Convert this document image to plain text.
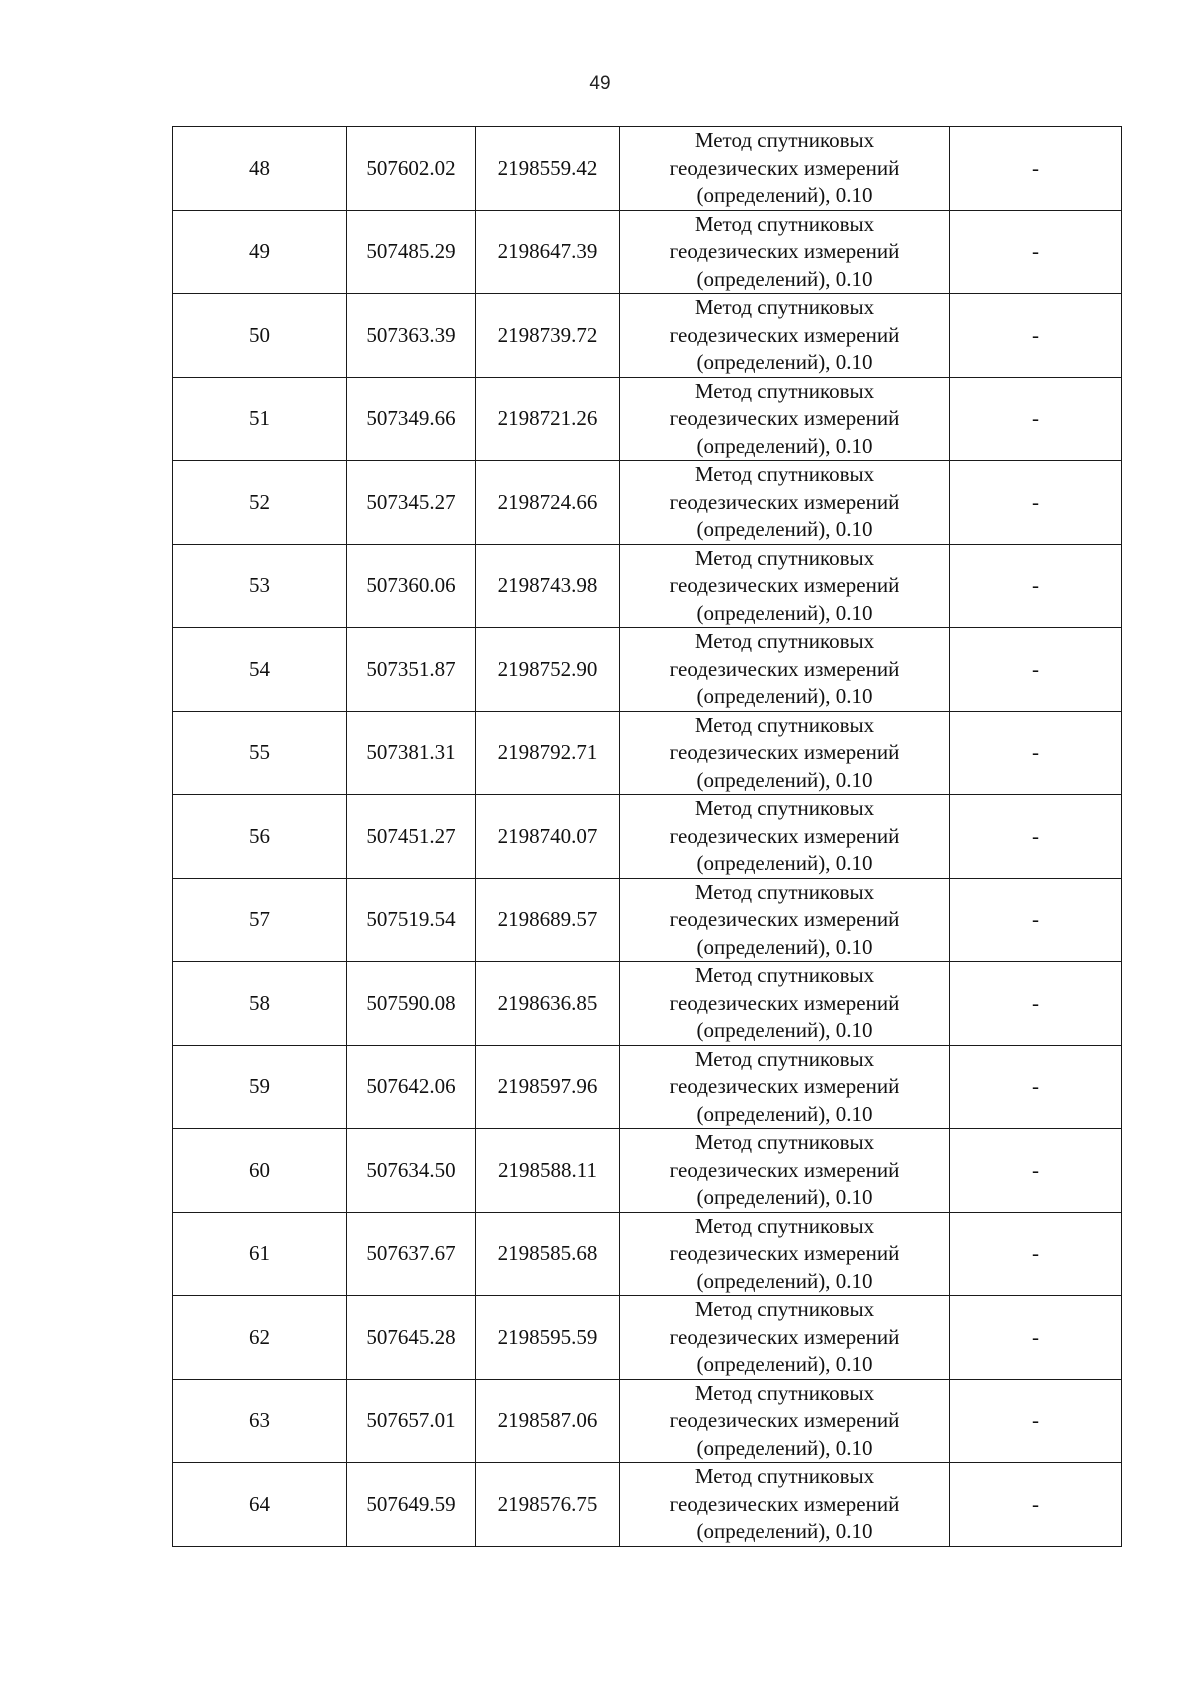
49
48	507602.02	2198559.42	Метод спутниковых
геодезических измерений
(определений), 0.10	-
49	507485.29	2198647.39	Метод спутниковых
геодезических измерений
(определений), 0.10	-
50	507363.39	2198739.72	Метод спутниковых
геодезических измерений
(определений), 0.10	-
51	507349.66	2198721.26	Метод спутниковых
геодезических измерений
(определений), 0.10	-
52	507345.27	2198724.66	Метод спутниковых
геодезических измерений
(определений), 0.10	-
53	507360.06	2198743.98	Метод спутниковых
геодезических измерений
(определений), 0.10	-
54	507351.87	2198752.90	Метод спутниковых
геодезических измерений
(определений), 0.10	-
55	507381.31	2198792.71	Метод спутниковых
геодезических измерений
(определений), 0.10	-
56	507451.27	2198740.07	Метод спутниковых
геодезических измерений
(определений), 0.10	-
57	507519.54	2198689.57	Метод спутниковых
геодезических измерений
(определений), 0.10	-
58	507590.08	2198636.85	Метод спутниковых
геодезических измерений
(определений), 0.10	-
59	507642.06	2198597.96	Метод спутниковых
геодезических измерений
(определений), 0.10	-
60	507634.50	2198588.11	Метод спутниковых
геодезических измерений
(определений), 0.10	-
61	507637.67	2198585.68	Метод спутниковых
геодезических измерений
(определений), 0.10	-
62	507645.28	2198595.59	Метод спутниковых
геодезических измерений
(определений), 0.10	-
63	507657.01	2198587.06	Метод спутниковых
геодезических измерений
(определений), 0.10	-
64	507649.59	2198576.75	Метод спутниковых
геодезических измерений
(определений), 0.10	-
